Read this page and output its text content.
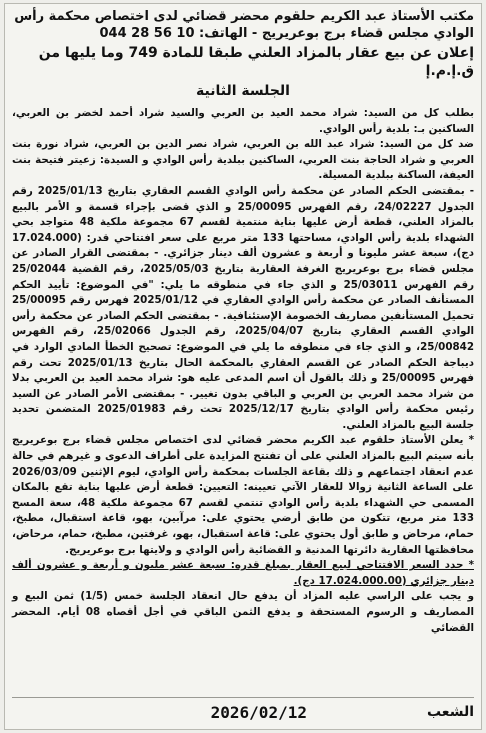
مكتب الأستاذ عبد الكريم حلقوم محضر قضائي لدى اختصاص محكمة رأس
الوادي مجلس قضاء برج بوعريريج - الهاتف: 10 56 28 044
إعلان عن بيع عقار بالمزاد العلني طبقا للمادة 749 وما يليها من ق.إ.م.إ
الجلسة الثانية

بطلب كل من السيد: شراد محمد العيد بن العربي والسيد شراد أحمد لخضر بن العربي، الساكنين بـ: بلدية رأس الوادي.

ضد كل من السيد: شراد عبد الله بن العربي، شراد نصر الدين بن العربي، شراد نورة بنت العربي و شراد الحاجة بنت العربي، الساكنين ببلدية رأس الوادي و السيدة: زعيتر فتيحة بنت العيفة، الساكنة ببلدية المسيلة.

- بمقتضى الحكم الصادر عن محكمة رأس الوادي القسم العقاري بتاريخ 2025/01/13 رقم الجدول 24/02227، رقم الفهرس 25/00095 و الذي قضى بإجراء قسمة و الأمر بالبيع بالمزاد العلني، قطعة أرض عليها بناية منتمية لقسم 67 مجموعة ملكية 48 متواجد بحي الشهداء بلدية رأس الوادي، مساحتها 133 متر مربع على سعر افتتاحي قدر: (17.024.000 دج)، سبعة عشر مليونا و أربعة و عشرون ألف دينار جزائري. - بمقتضى القرار الصادر عن مجلس قضاء برج بوعريريج الغرفة العقارية بتاريخ 2025/05/03، رقم القضية 25/02044 رقم الفهرس 25/03011 و الذي جاء في منطوقه ما يلي: "في الموضوع: تأييد الحكم المستأنف الصادر عن محكمة رأس الوادي العقاري في 2025/01/12 فهرس رقم 25/00095 تحميل المستأنفين مصاريف الخصومة الإستئنافية. - بمقتضى الحكم الصادر عن محكمة رأس الوادي القسم العقاري بتاريخ 2025/04/07، رقم الجدول 25/02066، رقم الفهرس 25/00842، و الذي جاء في منطوقه ما يلي في الموضوع: تصحيح الخطأ المادي الوارد في ديباجة الحكم الصادر عن القسم العقاري بالمحكمة الحال بتاريخ 2025/01/13 تحت رقم فهرس 25/00095 و ذلك بالقول أن اسم المدعى عليه هو: شراد محمد العيد بن العربي بدلا من شراد محمد العربي بن العربي و الباقي بدون تغيير. - بمقتضى الأمر الصادر عن السيد رئيس محكمة رأس الوادي بتاريخ 2025/12/17 تحت رقم 2025/01983 المتضمن تحديد جلسة البيع بالمزاد العلني.

* يعلن الأستاذ حلقوم عبد الكريم محضر قضائي لدى اختصاص مجلس قضاء برج بوعريريج بأنه سيتم البيع بالمزاد العلني على أن تفتتح المزايدة على أطراف الدعوى و غيرهم في حالة عدم انعقاد اجتماعهم و ذلك بقاعة الجلسات بمحكمة رأس الوادي، ليوم الإثنين 2026/03/09 على الساعة الثانية زوالا للعقار الآتي تعيينه: التعيين: قطعة أرض عليها بناية تقع بالمكان المسمى حي الشهداء بلدية رأس الوادي تنتمي لقسم 67 مجموعة ملكية 48، سعة المسح 133 متر مربع، تتكون من طابق أرضي يحتوي على: مرآبين، بهو، قاعة استقبال، مطبخ، حمام، مرحاض و طابق أول يحتوي على: قاعة استقبال، بهو، غرفتين، مطبخ، حمام، مرحاض، محافظتها العقارية دائرتها المدنية و القضائية رأس الوادي و ولايتها برج بوعريريج.

* حدد السعر الافتتاحي لبيع العقار بمبلغ قدره: سبعة عشر مليون و أربعة و عشرون ألف دينار جزائري (17.024.000.00 دج).

و يجب على الراسي عليه المزاد أن يدفع حال انعقاد الجلسة خمس (1/5) ثمن البيع و المصاريف و الرسوم المستحقة و يدفع الثمن الباقي في أجل أقصاه 08 أيام. المحضر القضائي

الشعب
2026/02/12
